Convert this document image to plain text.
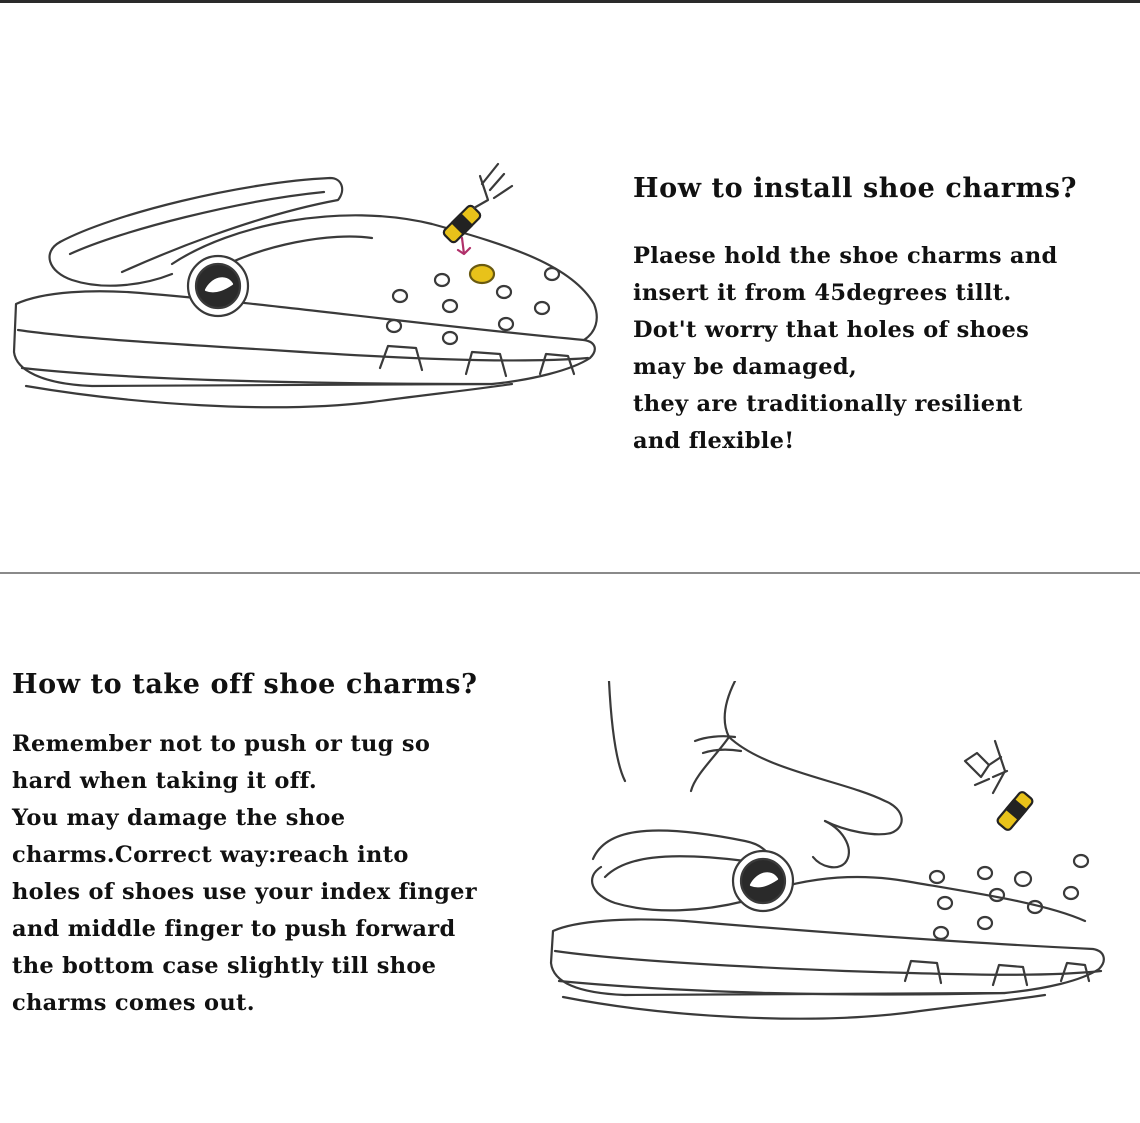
How to install shoe charms?
Plaese hold the shoe charms and
insert it from 45degrees tillt.
Dot't worry that holes of shoes
may be damaged,
they are traditionally resilient
and flexible!
How to take off shoe charms?
Remember not to push or tug so
hard when taking it off.
You may damage the shoe
charms.Correct way:reach into
holes of shoes use your index finger
and middle finger to push forward
the bottom case slightly till shoe
charms comes out.
